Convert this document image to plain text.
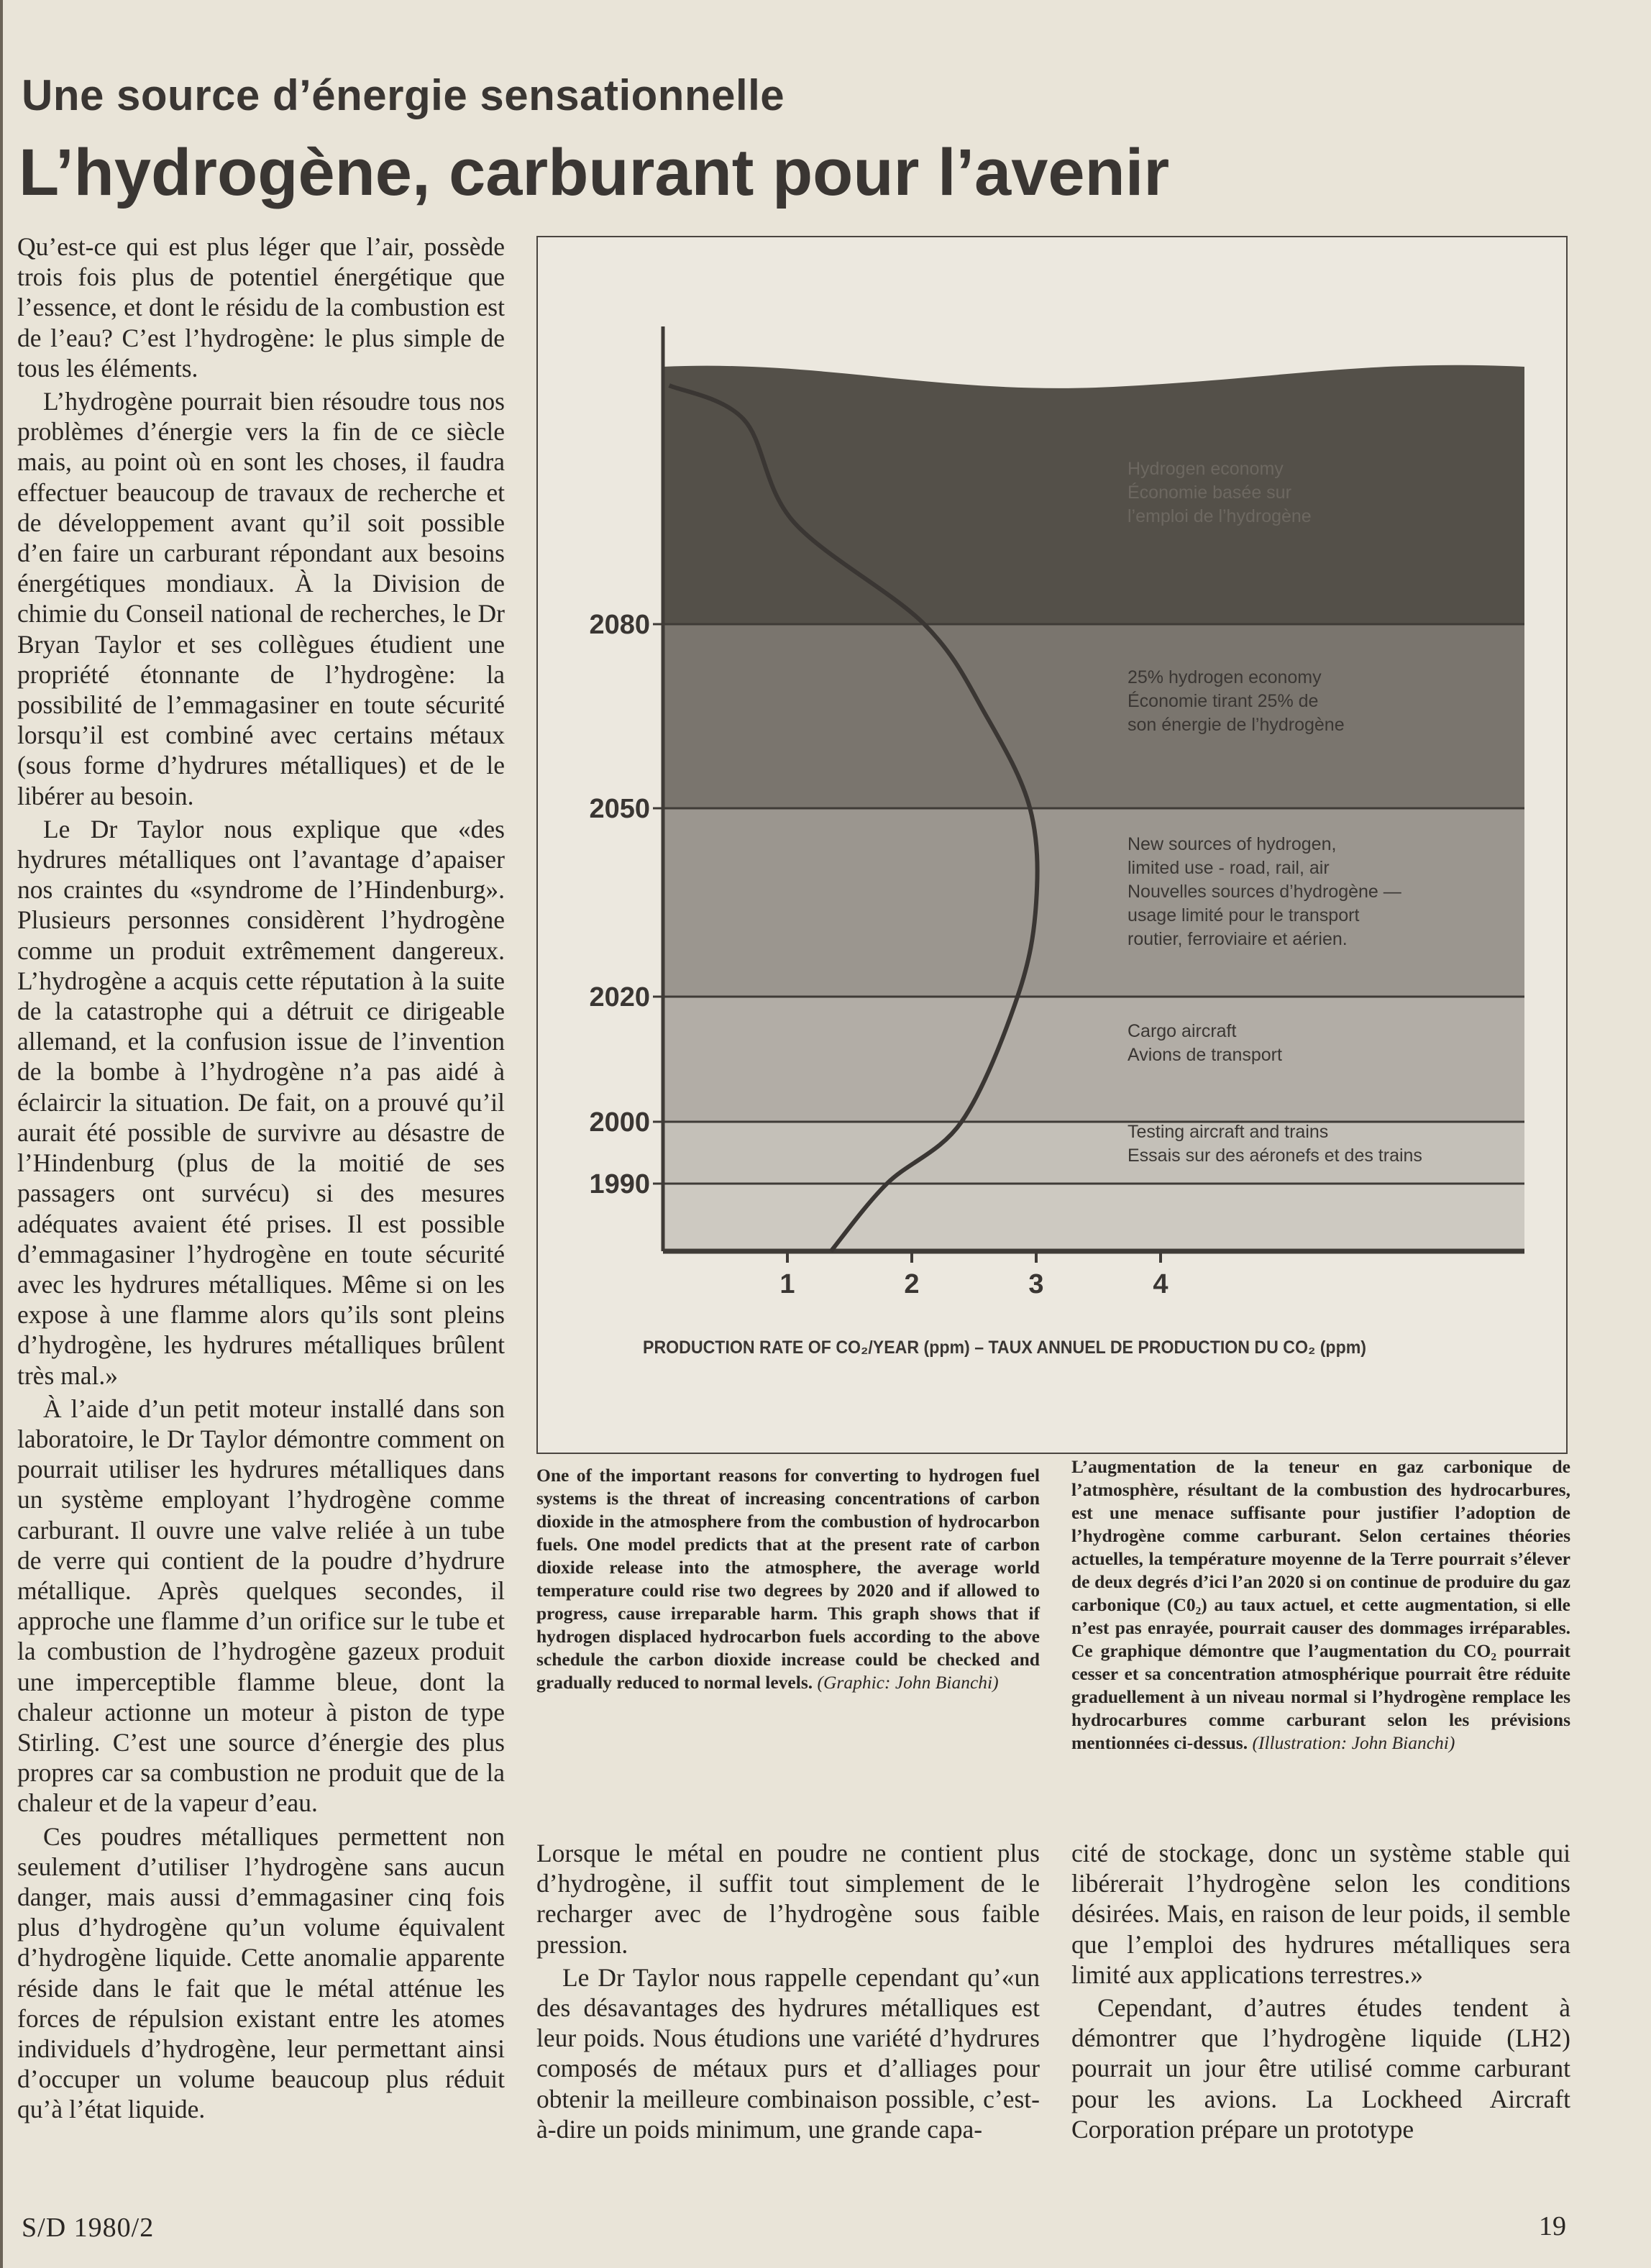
Une source d’énergie sensationnelle
L’hydrogène, carburant pour l’avenir

Qu’est-ce qui est plus léger que l’air, possède trois fois plus de potentiel énergétique que l’essence, et dont le résidu de la combustion est de l’eau? C’est l’hydrogène: le plus simple de tous les éléments.

L’hydrogène pourrait bien résoudre tous nos problèmes d’énergie vers la fin de ce siècle mais, au point où en sont les choses, il faudra effectuer beaucoup de travaux de recherche et de développement avant qu’il soit possible d’en faire un carburant répondant aux besoins énergétiques mondiaux. À la Division de chimie du Conseil national de recherches, le Dr Bryan Taylor et ses collègues étudient une propriété étonnante de l’hydrogène: la possibilité de l’emmagasiner en toute sécurité lorsqu’il est combiné avec certains métaux (sous forme d’hydrures métalliques) et de le libérer au besoin.

Le Dr Taylor nous explique que «des hydrures métalliques ont l’avantage d’apaiser nos craintes du «syndrome de l’Hindenburg». Plusieurs personnes considèrent l’hydrogène comme un produit extrêmement dangereux. L’hydrogène a acquis cette réputation à la suite de la catastrophe qui a détruit ce dirigeable allemand, et la confusion issue de l’invention de la bombe à l’hydrogène n’a pas aidé à éclaircir la situation. De fait, on a prouvé qu’il aurait été possible de survivre au désastre de l’Hindenburg (plus de la moitié de ses passagers ont survécu) si des mesures adéquates avaient été prises. Il est possible d’emmagasiner l’hydrogène en toute sécurité avec les hydrures métalliques. Même si on les expose à une flamme alors qu’ils sont pleins d’hydrogène, les hydrures métalliques brûlent très mal.»

À l’aide d’un petit moteur installé dans son laboratoire, le Dr Taylor démontre comment on pourrait utiliser les hydrures métalliques dans un système employant l’hydrogène comme carburant. Il ouvre une valve reliée à un tube de verre qui contient de la poudre d’hydrure métallique. Après quelques secondes, il approche une flamme d’un orifice sur le tube et la combustion de l’hydrogène gazeux produit une imperceptible flamme bleue, dont la chaleur actionne un moteur à piston de type Stirling. C’est une source d’énergie des plus propres car sa combustion ne produit que de la chaleur et de la vapeur d’eau.

Ces poudres métalliques permettent non seulement d’utiliser l’hydrogène sans aucun danger, mais aussi d’emmagasiner cinq fois plus d’hydrogène qu’un volume équivalent d’hydrogène liquide. Cette anomalie apparente réside dans le fait que le métal atténue les forces de répulsion existant entre les atomes individuels d’hydrogène, leur permettant ainsi d’occuper un volume beaucoup plus réduit qu’à l’état liquide.

1990
2000
2020
2050
2080
1	2	3	4
PRODUCTION RATE OF CO₂/YEAR (ppm) – TAUX ANNUEL DE PRODUCTION DU CO₂ (ppm)
Hydrogen economy Économie basée sur l’emploi de l’hydrogène
25% hydrogen economy Économie tirant 25% de son énergie de l’hydrogène
New sources of hydrogen, limited use - road, rail, air Nouvelles sources d’hydrogène — usage limité pour le transport routier, ferroviaire et aérien.
Cargo aircraft Avions de transport
Testing aircraft and trains Essais sur des aéronefs et des trains
One of the important reasons for converting to hydrogen fuel systems is the threat of increasing concentrations of carbon dioxide in the atmosphere from the combustion of hydrocarbon fuels. One model predicts that at the present rate of carbon dioxide release into the atmosphere, the average world temperature could rise two degrees by 2020 and if allowed to progress, cause irreparable harm. This graph shows that if hydrogen displaced hydrocarbon fuels according to the above schedule the carbon dioxide increase could be checked and gradually reduced to normal levels. (Graphic: John Bianchi)
L’augmentation de la teneur en gaz carbonique de l’atmosphère, résultant de la combustion des hydrocarbures, est une menace suffisante pour justifier l’adoption de l’hydrogène comme carburant. Selon certaines théories actuelles, la température moyenne de la Terre pourrait s’élever de deux degrés d’ici l’an 2020 si on continue de produire du gaz carbonique (C0₂) au taux actuel, et cette augmentation, si elle n’est pas enrayée, pourrait causer des dommages irréparables. Ce graphique démontre que l’augmentation du CO₂ pourrait cesser et sa concentration atmosphérique pourrait être réduite graduellement à un niveau normal si l’hydrogène remplace les hydrocarbures comme carburant selon les prévisions mentionnées ci-dessus. (Illustration: John Bianchi)

Lorsque le métal en poudre ne contient plus d’hydrogène, il suffit tout simplement de le recharger avec de l’hydrogène sous faible pression.

Le Dr Taylor nous rappelle cependant qu’«un des désavantages des hydrures métalliques est leur poids. Nous étudions une variété d’hydrures composés de métaux purs et d’alliages pour obtenir la meilleure combinaison possible, c’est-à-dire un poids minimum, une grande capa-

cité de stockage, donc un système stable qui libérerait l’hydrogène selon les conditions désirées. Mais, en raison de leur poids, il semble que l’emploi des hydrures métalliques sera limité aux applications terrestres.»

Cependant, d’autres études tendent à démontrer que l’hydrogène liquide (LH2) pourrait un jour être utilisé comme carburant pour les avions. La Lockheed Aircraft Corporation prépare un prototype

S/D 1980/2	19
